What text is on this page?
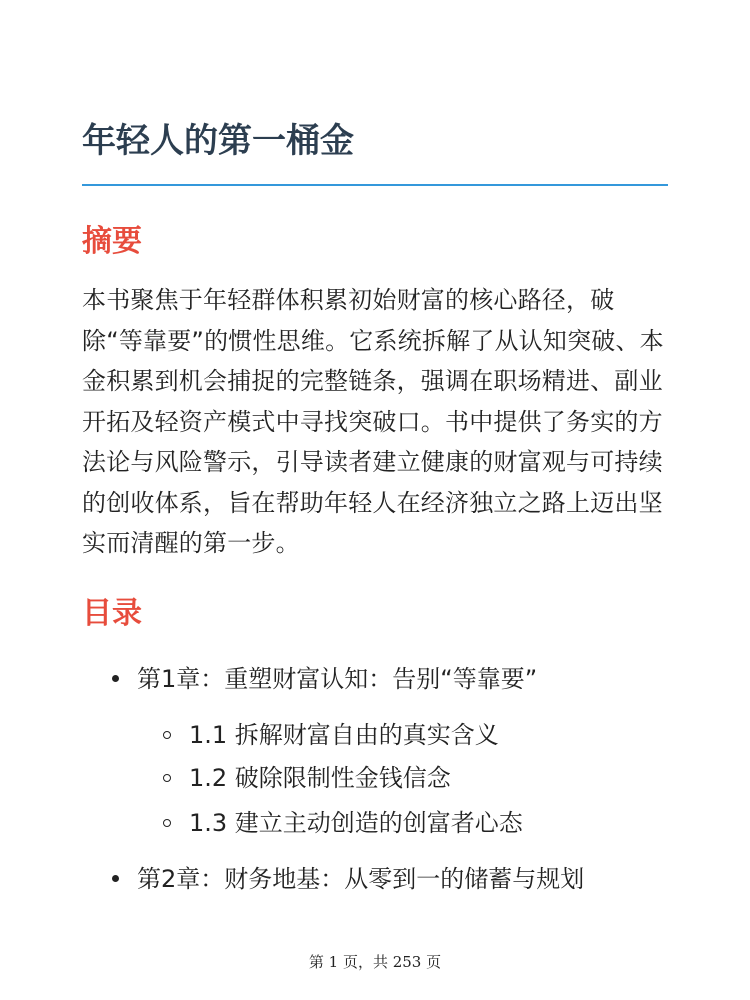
年轻人的第一桶金
摘要

本书聚焦于年轻群体积累初始财富的核心路径，破除“等靠要”的惯性思维。它系统拆解了从认知突破、本金积累到机会捕捉的完整链条，强调在职场精进、副业开拓及轻资产模式中寻找突破口。书中提供了务实的方法论与风险警示，引导读者建立健康的财富观与可持续的创收体系，旨在帮助年轻人在经济独立之路上迈出坚实而清醒的第一步。

目录
第1章：重塑财富认知：告别“等靠要”
1.1 拆解财富自由的真实含义
1.2 破除限制性金钱信念
1.3 建立主动创造的创富者心态
第2章：财务地基：从零到一的储蓄与规划
第 1 页，共 253 页
